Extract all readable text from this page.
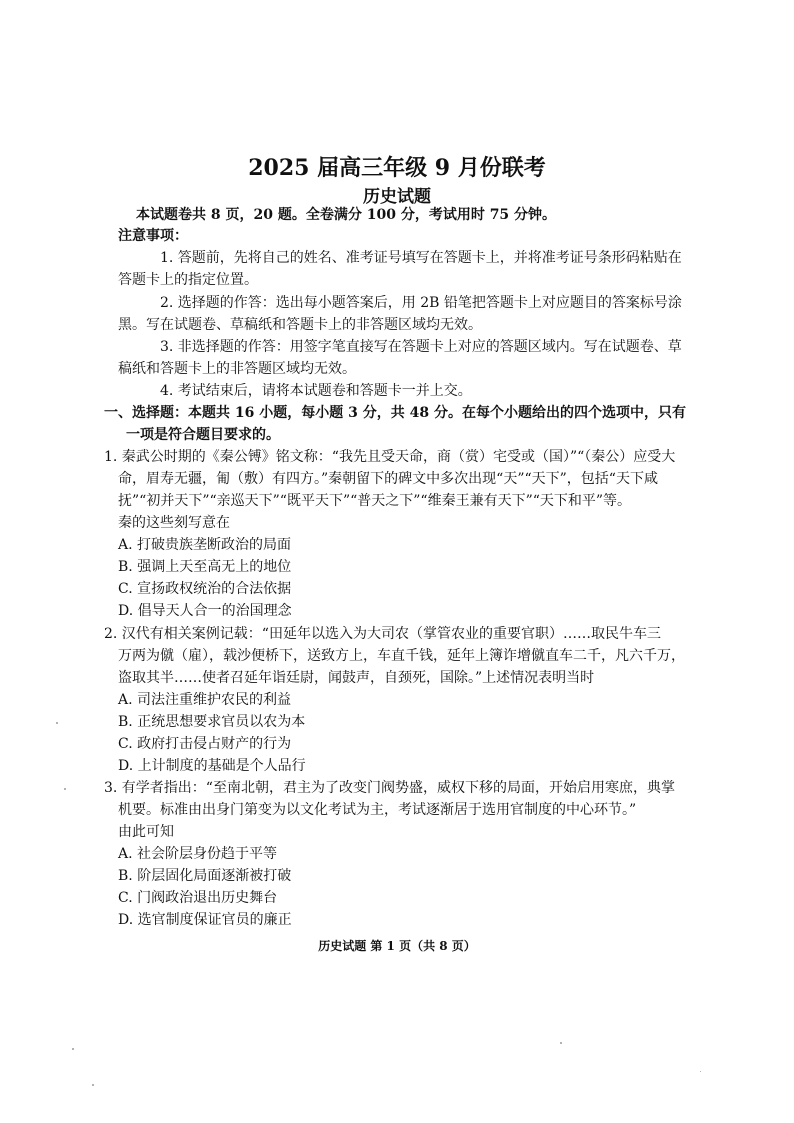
2025 届高三年级 9 月份联考
历史试题
本试题卷共 8 页，20 题。全卷满分 100 分，考试用时 75 分钟。
注意事项：
1. 答题前，先将自己的姓名、准考证号填写在答题卡上，并将准考证号条形码粘贴在
答题卡上的指定位置。
2. 选择题的作答：选出每小题答案后，用 2B 铅笔把答题卡上对应题目的答案标号涂
黑。写在试题卷、草稿纸和答题卡上的非答题区域均无效。
3. 非选择题的作答：用签字笔直接写在答题卡上对应的答题区域内。写在试题卷、草
稿纸和答题卡上的非答题区域均无效。
4. 考试结束后，请将本试题卷和答题卡一并上交。
一、选择题：本题共 16 小题，每小题 3 分，共 48 分。在每个小题给出的四个选项中，只有
一项是符合题目要求的。
1. 秦武公时期的《秦公镈》铭文称：“我先且受天命，商（赏）宅受或（国）”“（秦公）应受大
命，眉寿无疆，匍（敷）有四方。”秦朝留下的碑文中多次出现“天”“天下”，包括“天下咸
抚”“初并天下”“亲巡天下”“既平天下”“普天之下”“维秦王兼有天下”“天下和平”等。
秦的这些刻写意在
A. 打破贵族垄断政治的局面
B. 强调上天至高无上的地位
C. 宣扬政权统治的合法依据
D. 倡导天人合一的治国理念
2. 汉代有相关案例记载：“田延年以选入为大司农（掌管农业的重要官职）……取民牛车三
万两为僦（雇），载沙便桥下，送致方上，车直千钱，延年上簿诈增僦直车二千，凡六千万，
盗取其半……使者召延年诣廷尉，闻鼓声，自颈死，国除。”上述情况表明当时
A. 司法注重维护农民的利益
B. 正统思想要求官员以农为本
C. 政府打击侵占财产的行为
D. 上计制度的基础是个人品行
3. 有学者指出：“至南北朝，君主为了改变门阀势盛，威权下移的局面，开始启用寒庶，典掌
机要。标准由出身门第变为以文化考试为主，考试逐渐居于选用官制度的中心环节。”
由此可知
A. 社会阶层身份趋于平等
B. 阶层固化局面逐渐被打破
C. 门阀政治退出历史舞台
D. 选官制度保证官员的廉正
历史试题 第 1 页（共 8 页）
